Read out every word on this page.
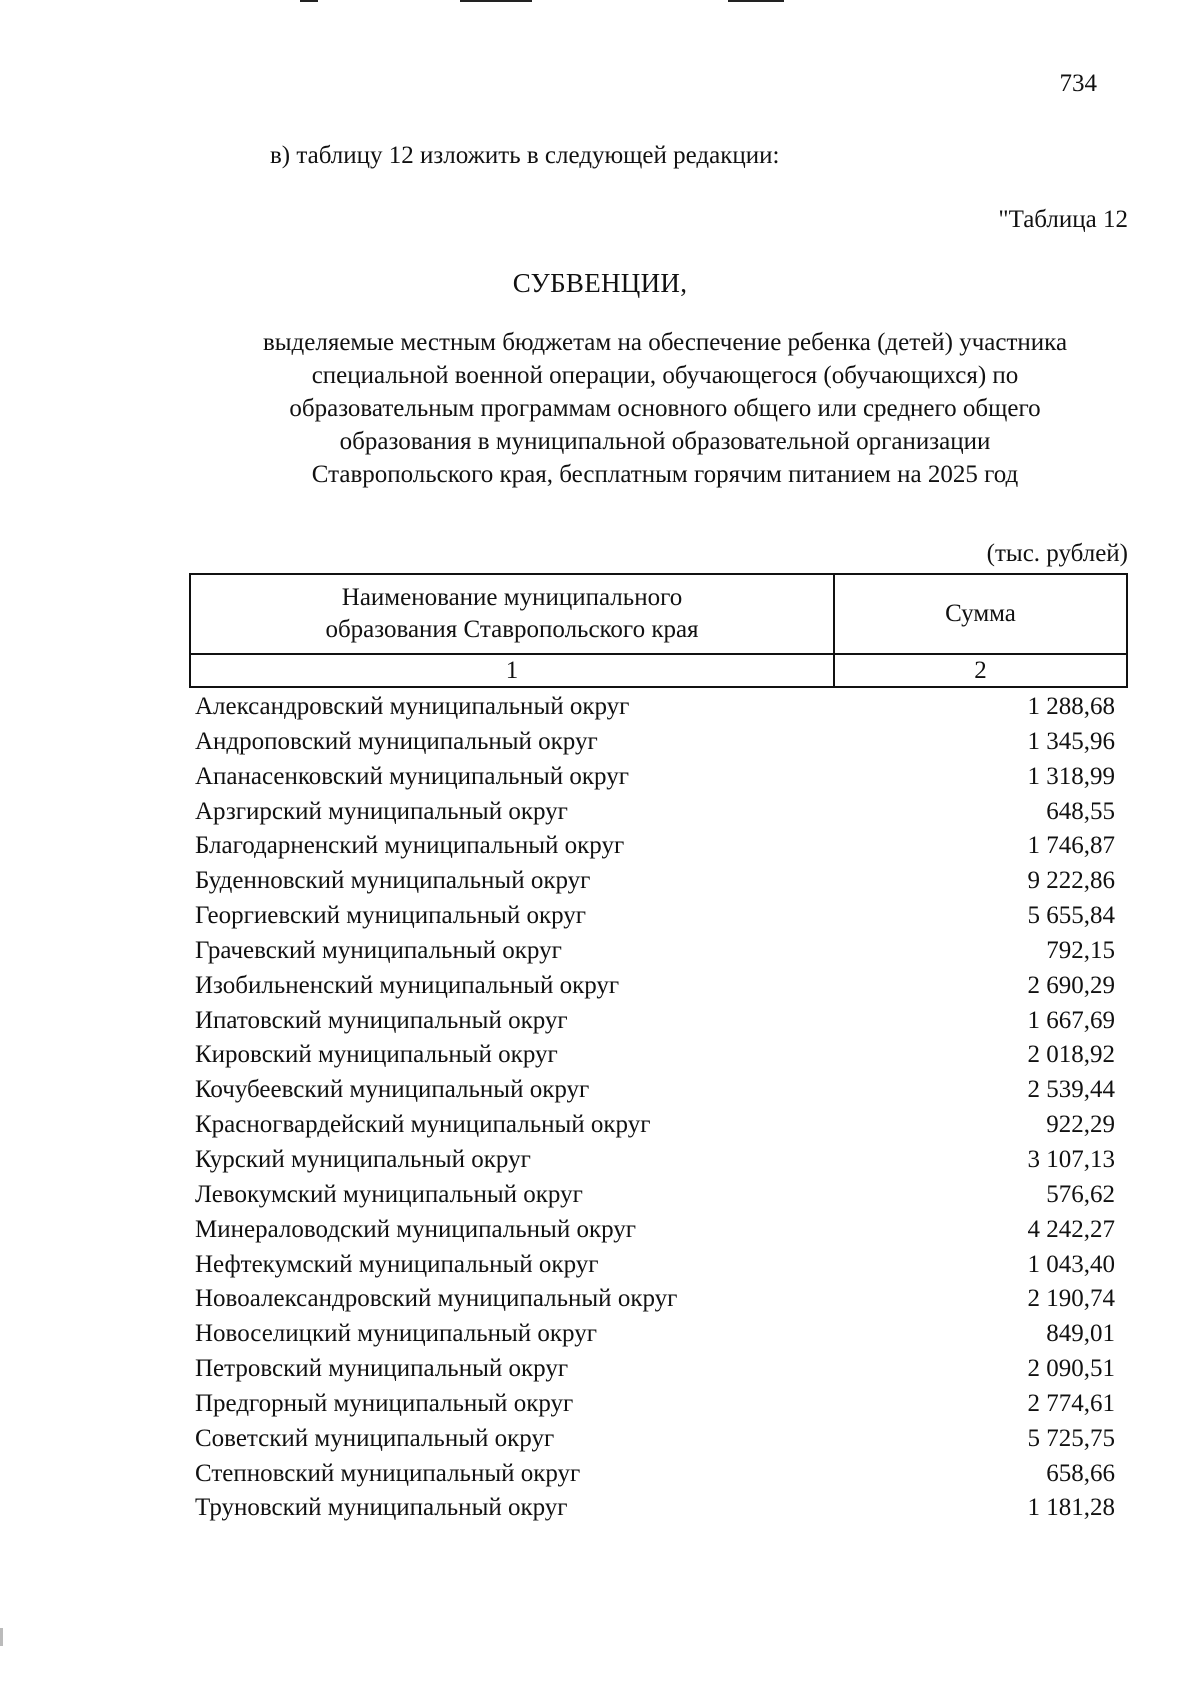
734
в) таблицу 12 изложить в следующей редакции:
"Таблица 12
СУБВЕНЦИИ,
выделяемые местным бюджетам на обеспечение ребенка (детей) участника
специальной военной операции, обучающегося (обучающихся) по
образовательным программам основного общего или среднего общего
образования в муниципальной образовательной организации
Ставропольского края, бесплатным горячим питанием на 2025 год
(тыс. рублей)
Наименование муниципального
образования Ставропольского края	Сумма
1	2
Александровский муниципальный округ	1 288,68
Андроповский муниципальный округ	1 345,96
Апанасенковский муниципальный округ	1 318,99
Арзгирский муниципальный округ	648,55
Благодарненский муниципальный округ	1 746,87
Буденновский муниципальный округ	9 222,86
Георгиевский муниципальный округ	5 655,84
Грачевский муниципальный округ	792,15
Изобильненский муниципальный округ	2 690,29
Ипатовский муниципальный округ	1 667,69
Кировский муниципальный округ	2 018,92
Кочубеевский муниципальный округ	2 539,44
Красногвардейский муниципальный округ	922,29
Курский муниципальный округ	3 107,13
Левокумский муниципальный округ	576,62
Минераловодский муниципальный округ	4 242,27
Нефтекумский муниципальный округ	1 043,40
Новоалександровский муниципальный округ	2 190,74
Новоселицкий муниципальный округ	849,01
Петровский муниципальный округ	2 090,51
Предгорный муниципальный округ	2 774,61
Советский муниципальный округ	5 725,75
Степновский муниципальный округ	658,66
Труновский муниципальный округ	1 181,28
